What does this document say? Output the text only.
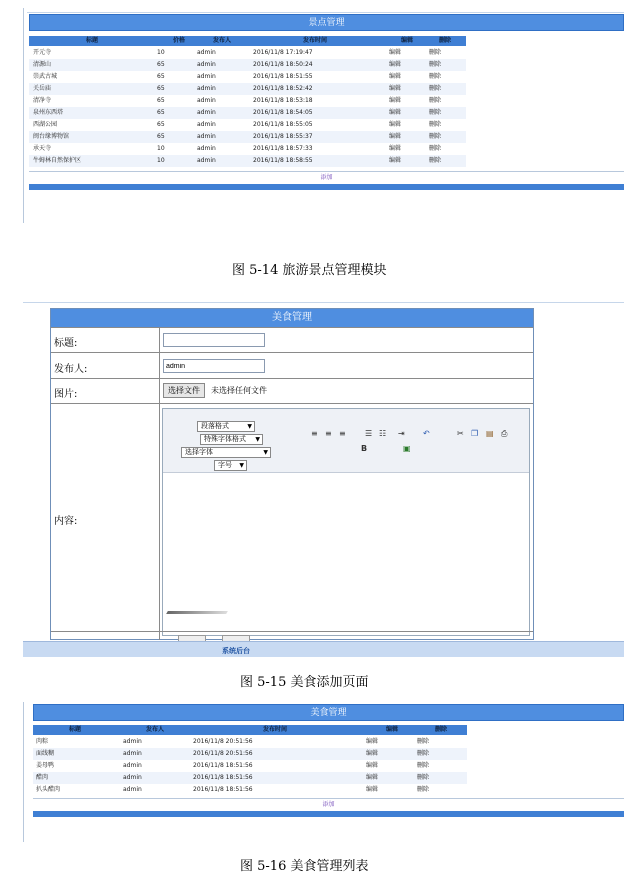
景点管理
标题	价格	发布人	发布时间	编辑	删除
开元寺	10	admin	2016/11/8 17:19:47	编辑	删除
清源山	65	admin	2016/11/8 18:50:24	编辑	删除
崇武古城	65	admin	2016/11/8 18:51:55	编辑	删除
关岳庙	65	admin	2016/11/8 18:52:42	编辑	删除
清净寺	65	admin	2016/11/8 18:53:18	编辑	删除
泉州东西塔	65	admin	2016/11/8 18:54:05	编辑	删除
西湖公园	65	admin	2016/11/8 18:55:05	编辑	删除
闽台缘博物馆	65	admin	2016/11/8 18:55:37	编辑	删除
承天寺	10	admin	2016/11/8 18:57:33	编辑	删除
牛姆林自然保护区	10	admin	2016/11/8 18:58:55	编辑	删除
添加
图 5-14 旅游景点管理模块
美食管理
标题:
发布人:
admin
图片:	选择文件	未选择任何文件
内容:
段落格式	▼
特殊字体格式 ▼
选择字体	▼
字号 ▼
≡ ≡ ≡ ☰ ☷ ⇥ ↶	✂ ❐ ▤ ⎙
B	▣
系统后台
图 5-15 美食添加页面
美食管理
标题	发布人	发布时间	编辑	删除
肉粽	admin	2016/11/8 20:51:56	编辑	删除
面线糊	admin	2016/11/8 20:51:56	编辑	删除
姜母鸭	admin	2016/11/8 18:51:56	编辑	删除
醋肉	admin	2016/11/8 18:51:56	编辑	删除
扒头醋肉	admin	2016/11/8 18:51:56	编辑	删除
添加
图 5-16 美食管理列表
